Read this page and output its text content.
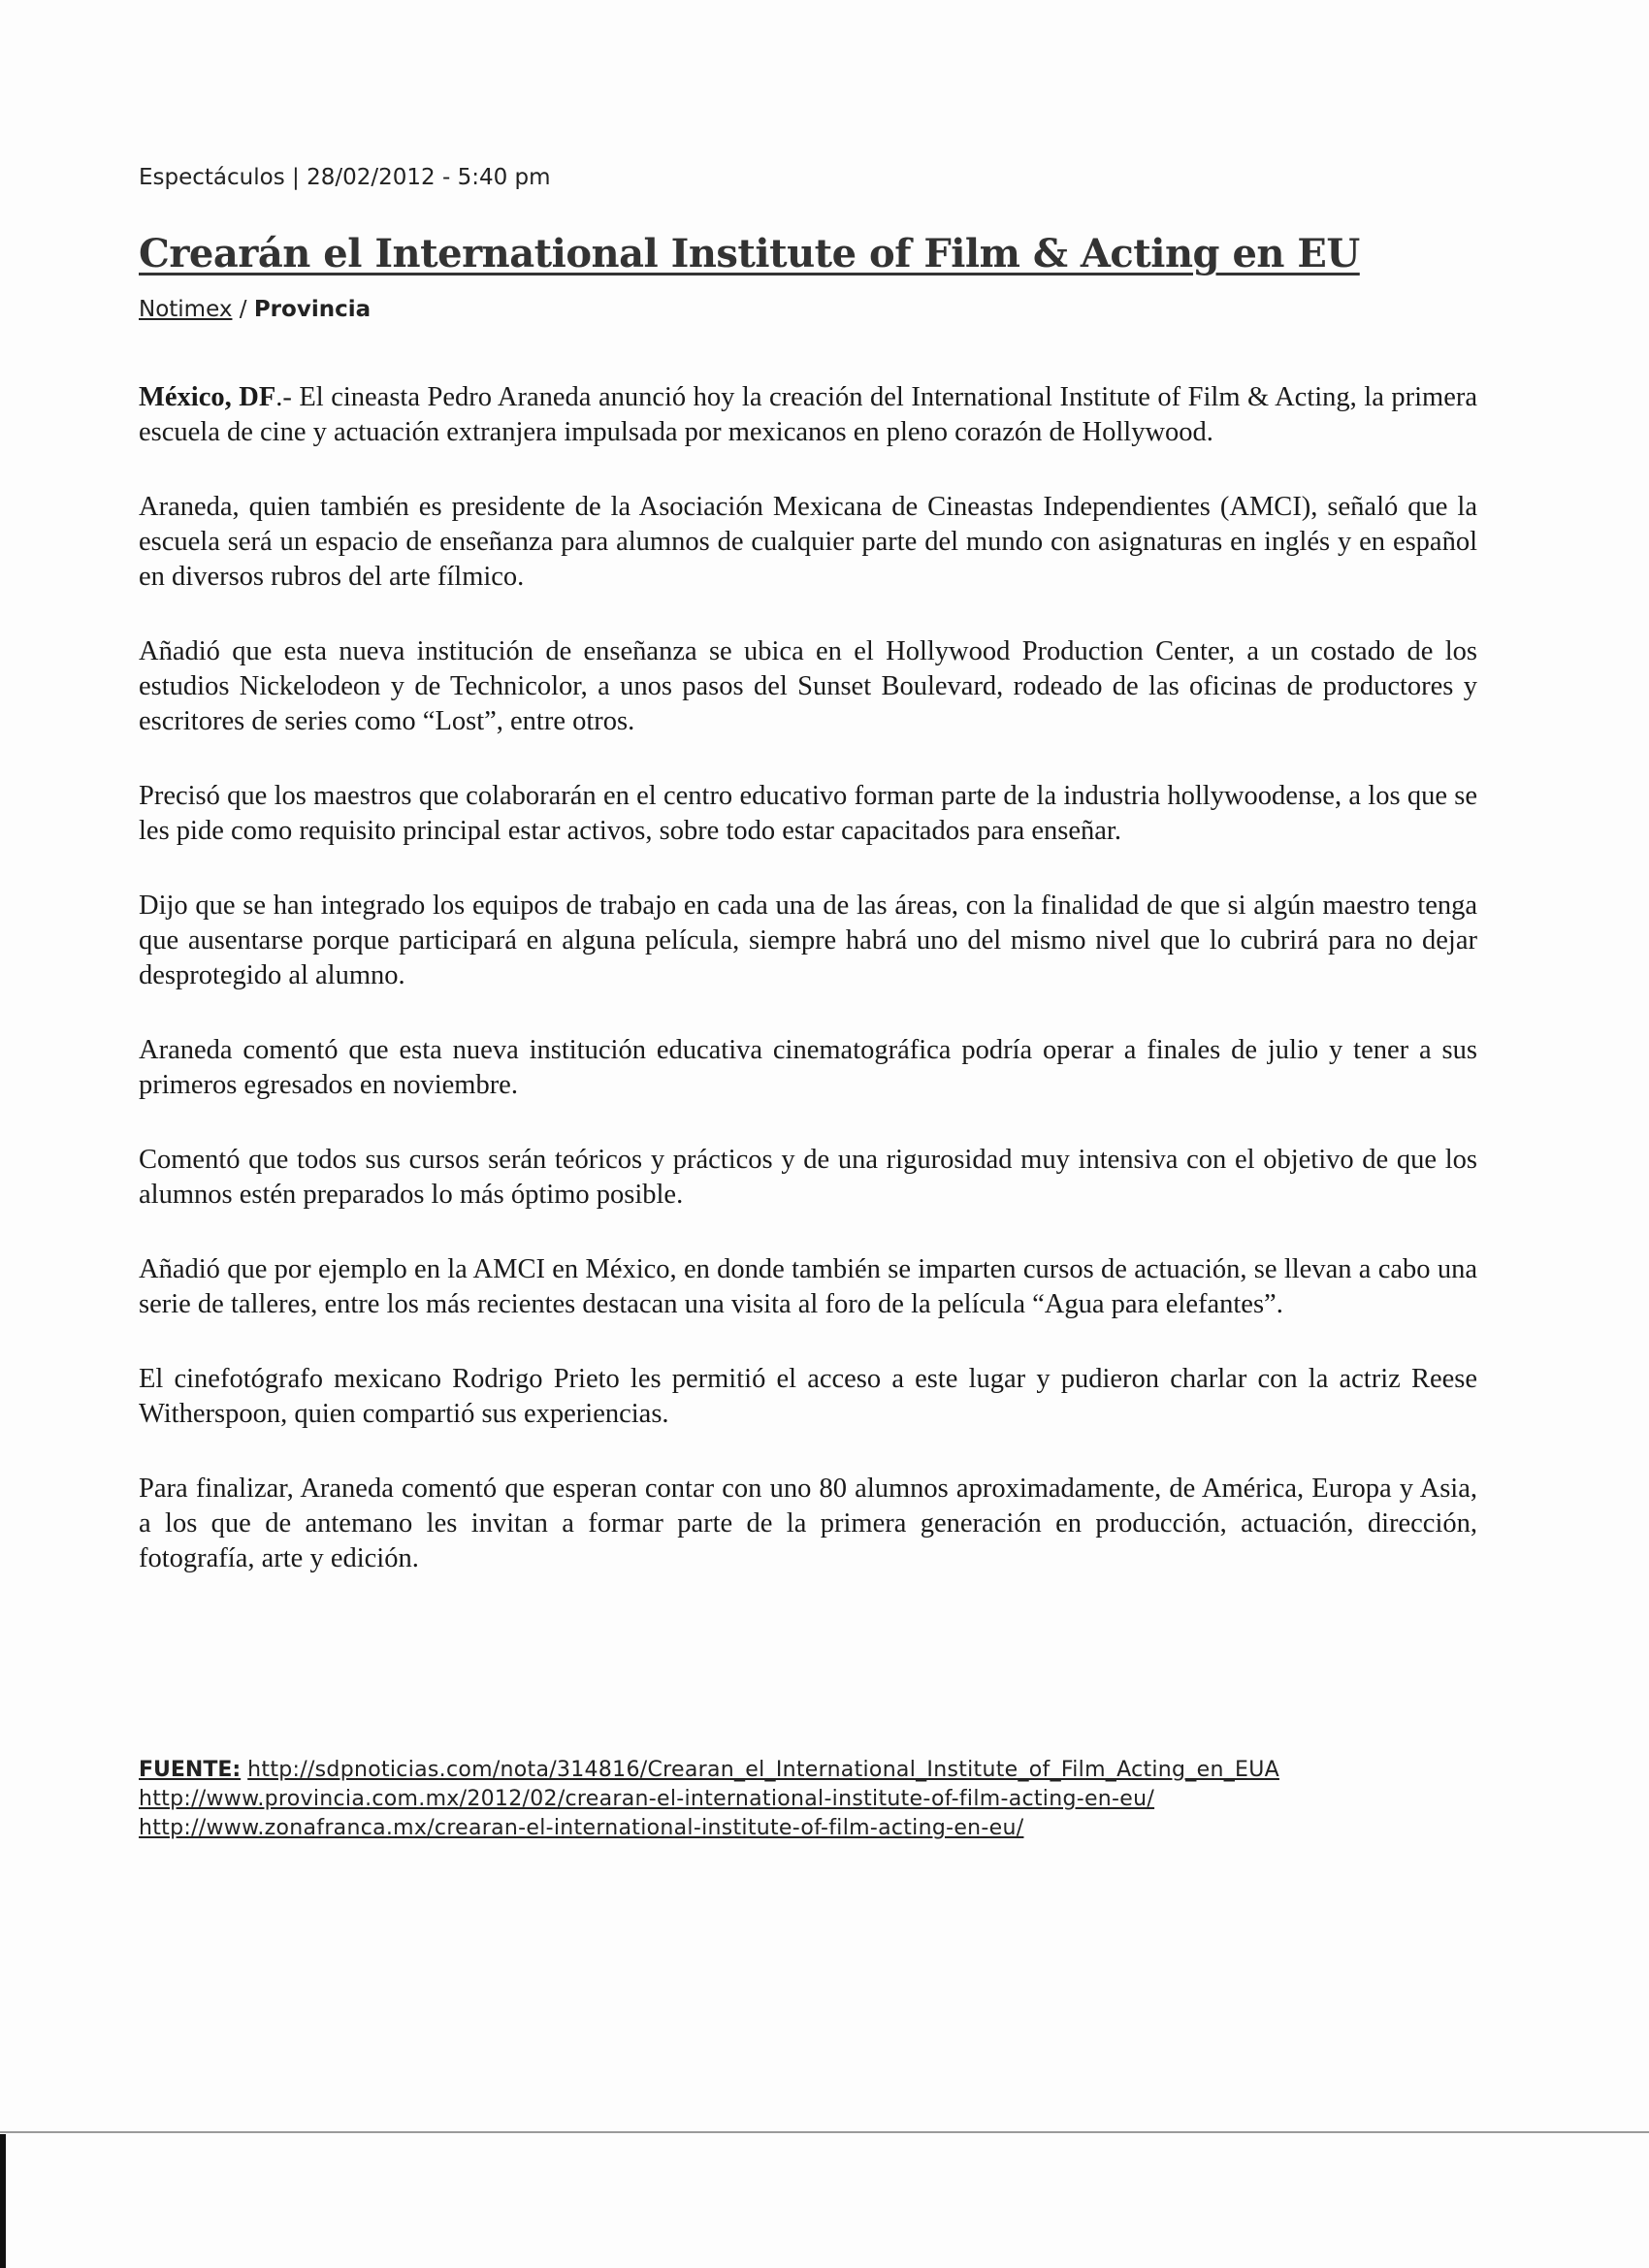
Espectáculos | 28/02/2012 - 5:40 pm
Crearán el International Institute of Film & Acting en EU
Notimex / Provincia

México, DF.- El cineasta Pedro Araneda anunció hoy la creación del International Institute of Film & Acting, la primera escuela de cine y actuación extranjera impulsada por mexicanos en pleno corazón de Hollywood.

Araneda, quien también es presidente de la Asociación Mexicana de Cineastas Independientes (AMCI), señaló que la escuela será un espacio de enseñanza para alumnos de cualquier parte del mundo con asignaturas en inglés y en español en diversos rubros del arte fílmico.

Añadió que esta nueva institución de enseñanza se ubica en el Hollywood Production Center, a un costado de los estudios Nickelodeon y de Technicolor, a unos pasos del Sunset Boulevard, rodeado de las oficinas de productores y escritores de series como “Lost”, entre otros.

Precisó que los maestros que colaborarán en el centro educativo forman parte de la industria hollywoodense, a los que se les pide como requisito principal estar activos, sobre todo estar capacitados para enseñar.

Dijo que se han integrado los equipos de trabajo en cada una de las áreas, con la finalidad de que si algún maestro tenga que ausentarse porque participará en alguna película, siempre habrá uno del mismo nivel que lo cubrirá para no dejar desprotegido al alumno.

Araneda comentó que esta nueva institución educativa cinematográfica podría operar a finales de julio y tener a sus primeros egresados en noviembre.

Comentó que todos sus cursos serán teóricos y prácticos y de una rigurosidad muy intensiva con el objetivo de que los alumnos estén preparados lo más óptimo posible.

Añadió que por ejemplo en la AMCI en México, en donde también se imparten cursos de actuación, se llevan a cabo una serie de talleres, entre los más recientes destacan una visita al foro de la película “Agua para elefantes”.

El cinefotógrafo mexicano Rodrigo Prieto les permitió el acceso a este lugar y pudieron charlar con la actriz Reese Witherspoon, quien compartió sus experiencias.

Para finalizar, Araneda comentó que esperan contar con uno 80 alumnos aproximadamente, de América, Europa y Asia, a los que de antemano les invitan a formar parte de la primera generación en producción, actuación, dirección, fotografía, arte y edición.

FUENTE: http://sdpnoticias.com/nota/314816/Crearan_el_International_Institute_of_Film_Acting_en_EUA
http://www.provincia.com.mx/2012/02/crearan-el-international-institute-of-film-acting-en-eu/
http://www.zonafranca.mx/crearan-el-international-institute-of-film-acting-en-eu/
